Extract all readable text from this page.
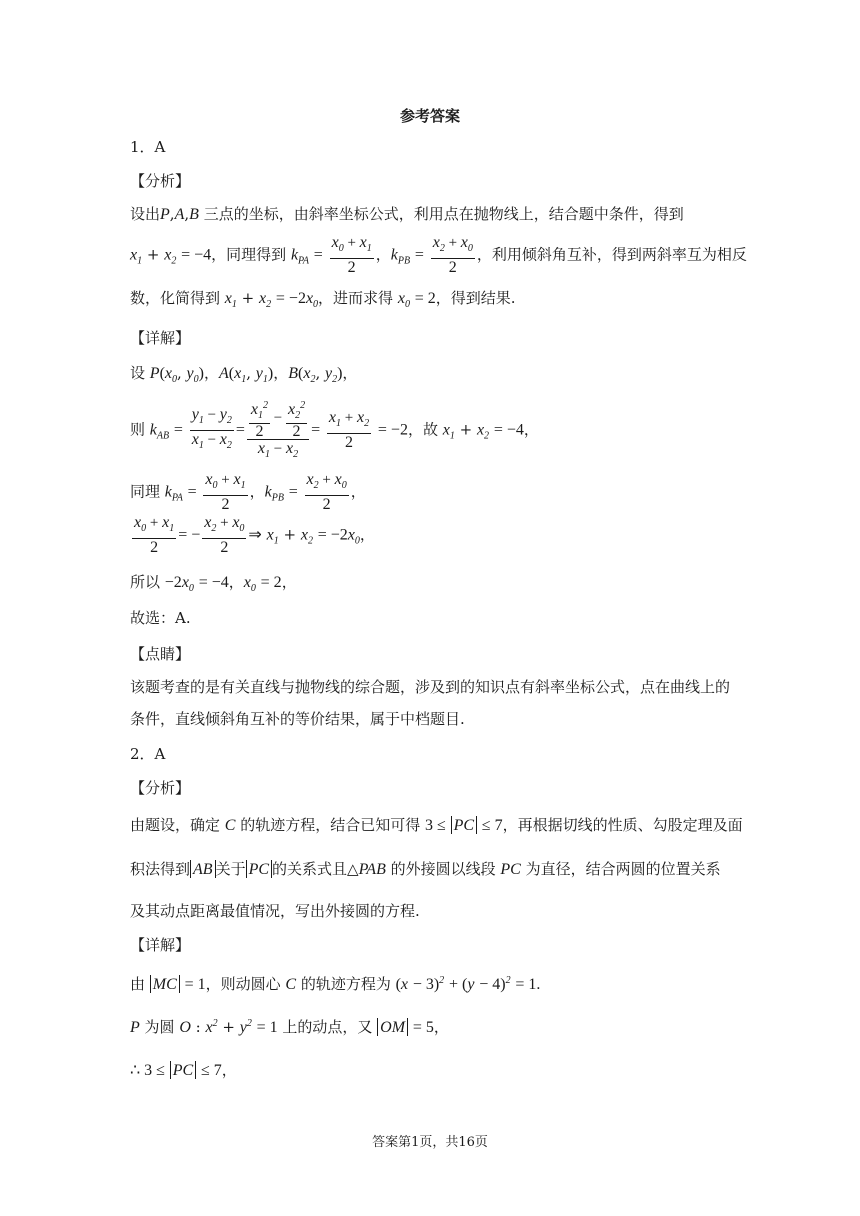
参考答案
1．A
【分析】
设出P,A,B 三点的坐标，由斜率坐标公式，利用点在抛物线上，结合题中条件，得到
$x_1 + x_2 = -4$，同理得到 $k_{PA} = \frac{x_0 + x_1}{2}$ ，$k_{PB} = \frac{x_2 + x_0}{2}$ ，利用倾斜角互补，得到两斜率互为相反
数，化简得到 $x_1 + x_2 = -2x_0$，进而求得 $x_0 = 2$，得到结果.
【详解】
设 $P(x_0$, $y_0$)，$A(x_1$, $y_1$)，$B(x_2$, $y_2$)，
则 $k_{AB} = \frac{y_1 - y_2}{x_1 - x_2} = \frac{\frac{x_1^2}{2} - \frac{x_2^2}{2}}{x_1 - x_2} = \frac{x_1 + x_2}{2} = -2$，故 $x_1 + x_2 = -4$，
同理 $k_{PA} = \frac{x_0 + x_1}{2}$ ，$k_{PB} = \frac{x_2 + x_0}{2}$ ，
$\frac{x_0 + x_1}{2}$ = − $\frac{x_2 + x_0}{2}$ ⇒ $x_1 + x_2 = -2x_0$，
所以 $-2x_0 = -4$，$x_0 = 2$，
故选：A.
【点睛】
该题考查的是有关直线与抛物线的综合题，涉及到的知识点有斜率坐标公式，点在曲线上的
条件，直线倾斜角互补的等价结果，属于中档题目.
2．A
【分析】
由题设，确定 C 的轨迹方程，结合已知可得 3 ≤ PC ≤ 7，再根据切线的性质、勾股定理及面
积法得到 AB 关于 PC 的关系式且△PAB 的外接圆以线段 PC 为直径，结合两圆的位置关系
及其动点距离最值情况，写出外接圆的方程.
【详解】
由 MC = 1，则动圆心 C 的轨迹方程为 $(x - 3)^2 + (y - 4)^2 = 1$.
P 为圆 O : $x^2 + y^2 = 1$ 上的动点，又 OM = 5，
∴ 3 ≤ PC ≤ 7，
答案第1页，共16页
